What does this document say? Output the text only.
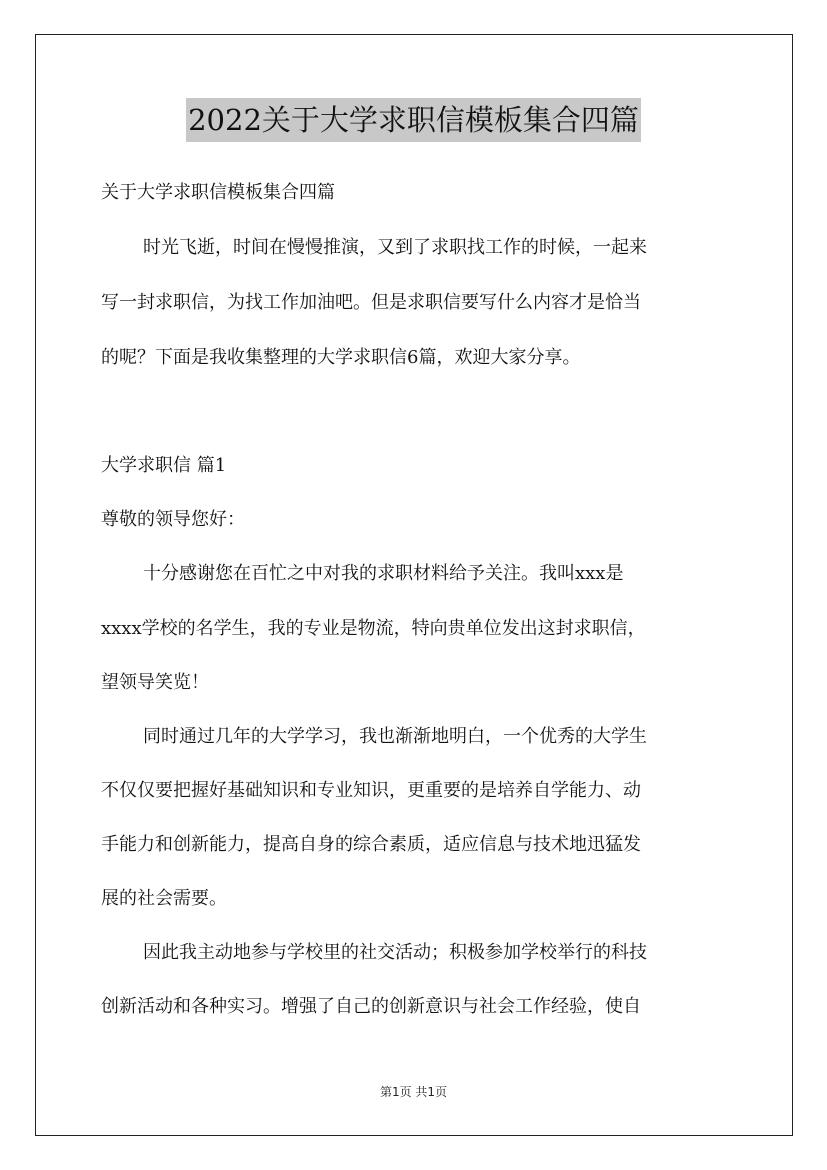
2022关于大学求职信模板集合四篇
关于大学求职信模板集合四篇
时光飞逝，时间在慢慢推演，又到了求职找工作的时候，一起来
写一封求职信，为找工作加油吧。但是求职信要写什么内容才是恰当
的呢？下面是我收集整理的大学求职信6篇，欢迎大家分享。
大学求职信 篇1
尊敬的领导您好：
十分感谢您在百忙之中对我的求职材料给予关注。我叫xxx是
xxxx学校的名学生，我的专业是物流，特向贵单位发出这封求职信，
望领导笑览！
同时通过几年的大学学习，我也渐渐地明白，一个优秀的大学生
不仅仅要把握好基础知识和专业知识，更重要的是培养自学能力、动
手能力和创新能力，提高自身的综合素质，适应信息与技术地迅猛发
展的社会需要。
因此我主动地参与学校里的社交活动；积极参加学校举行的科技
创新活动和各种实习。增强了自己的创新意识与社会工作经验，使自
第1页 共1页
